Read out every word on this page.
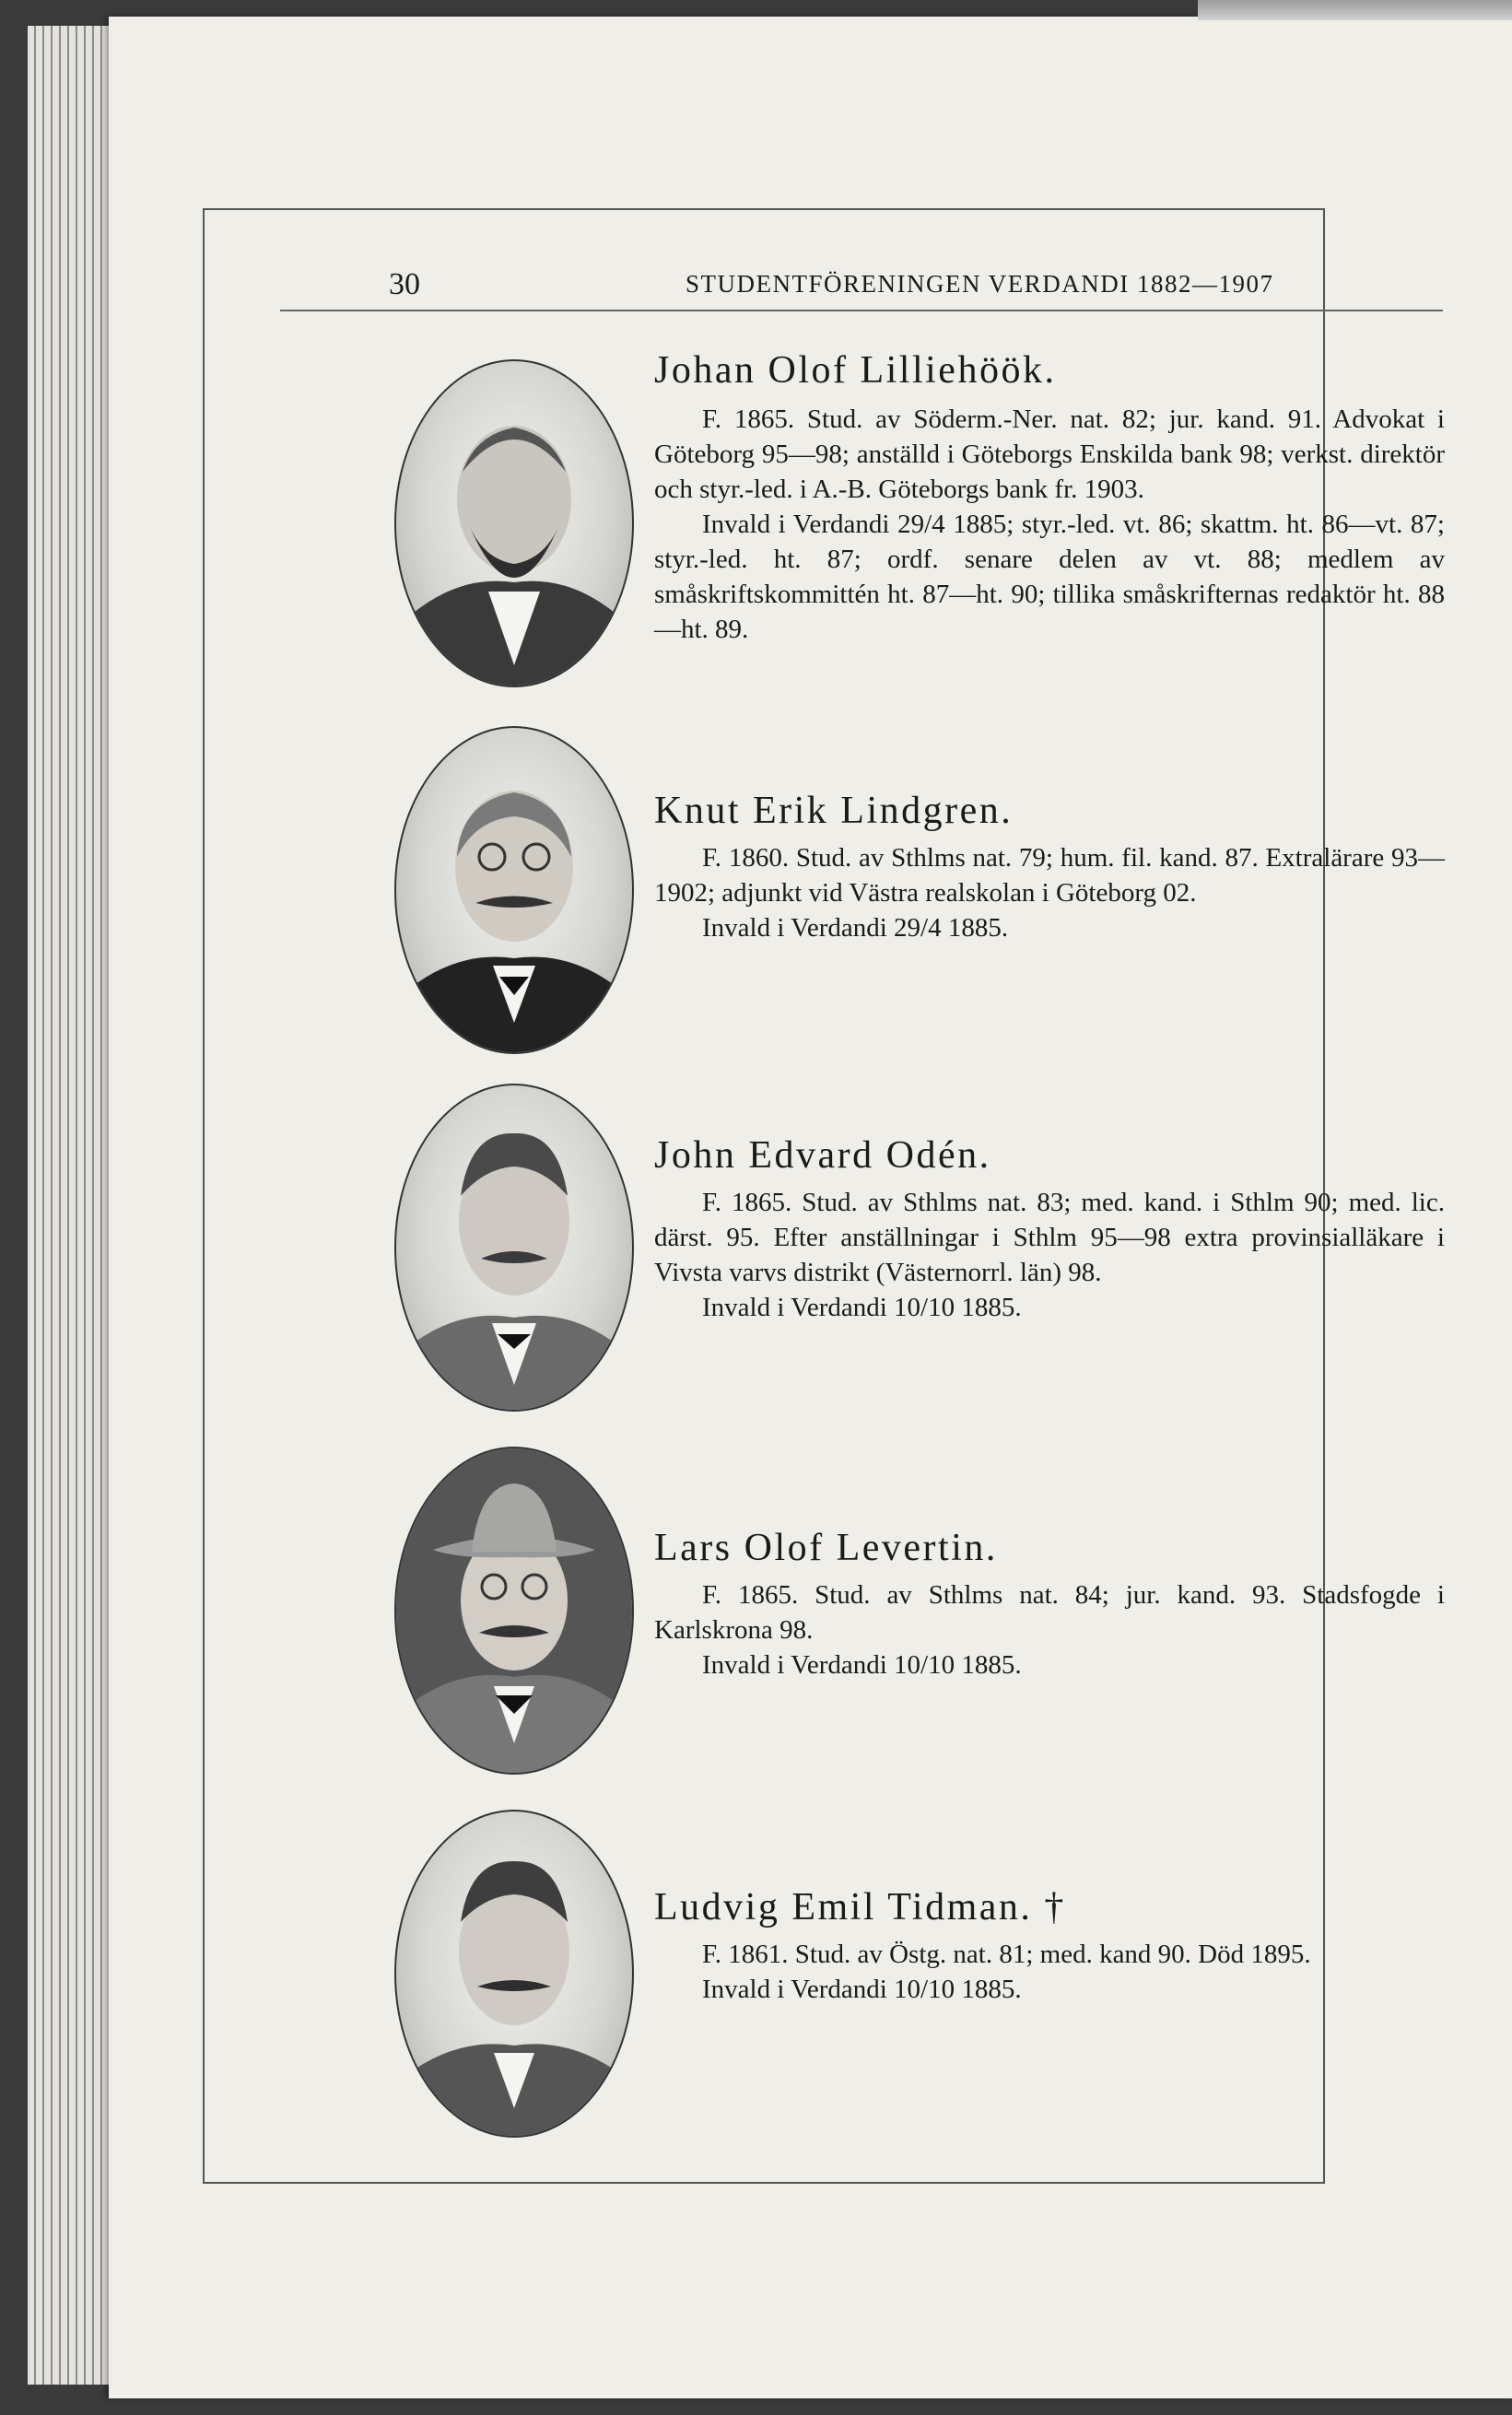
30	STUDENTFÖRENINGEN VERDANDI 1882—1907
Johan Olof Lilliehöök.

F. 1865. Stud. av Söderm.-Ner. nat. 82; jur. kand. 91. Advokat i Göteborg 95—98; anställd i Göteborgs Enskilda bank 98; verkst. direktör och styr.-led. i A.-B. Göteborgs bank fr. 1903.

Invald i Verdandi 29/4 1885; styr.-led. vt. 86; skattm. ht. 86—vt. 87; styr.-led. ht. 87; ordf. senare delen av vt. 88; medlem av småskriftskommittén ht. 87—ht. 90; tillika småskrifternas redaktör ht. 88—ht. 89.

Knut Erik Lindgren.

F. 1860. Stud. av Sthlms nat. 79; hum. fil. kand. 87. Extralärare 93—1902; adjunkt vid Västra realskolan i Göteborg 02.

Invald i Verdandi 29/4 1885.

John Edvard Odén.

F. 1865. Stud. av Sthlms nat. 83; med. kand. i Sthlm 90; med. lic. därst. 95. Efter anställningar i Sthlm 95—98 extra provinsialläkare i Vivsta varvs distrikt (Västernorrl. län) 98.

Invald i Verdandi 10/10 1885.

Lars Olof Levertin.

F. 1865. Stud. av Sthlms nat. 84; jur. kand. 93. Stadsfogde i Karlskrona 98.

Invald i Verdandi 10/10 1885.

Ludvig Emil Tidman. †

F. 1861. Stud. av Östg. nat. 81; med. kand 90. Död 1895.

Invald i Verdandi 10/10 1885.
